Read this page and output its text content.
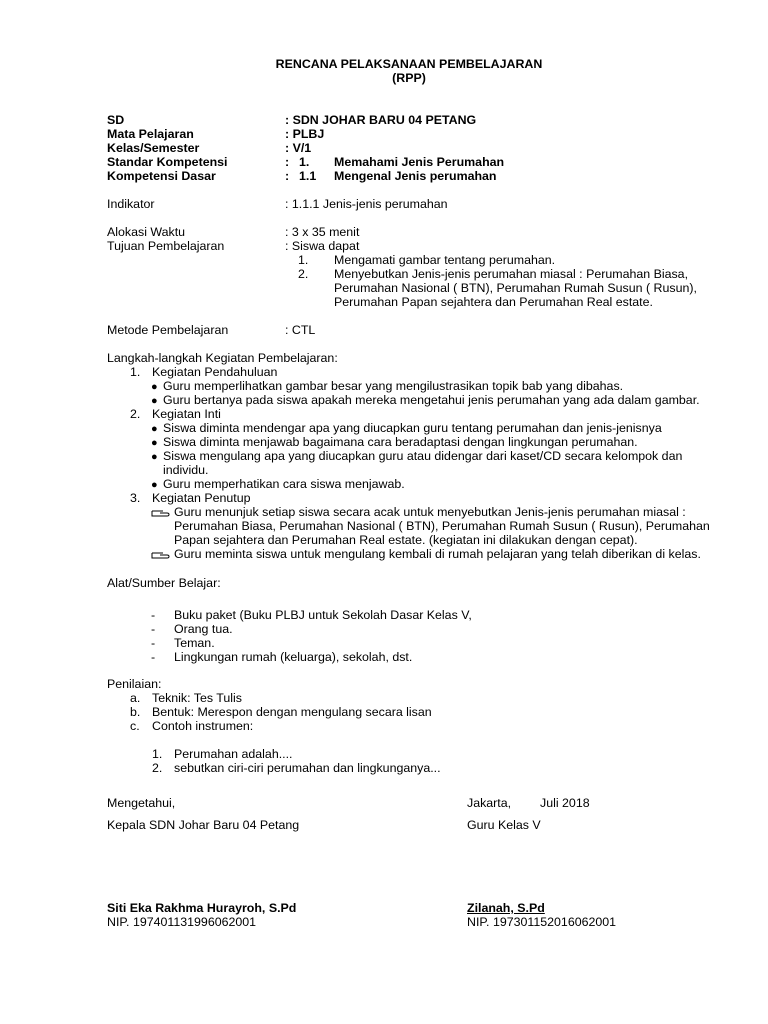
RENCANA PELAKSANAAN PEMBELAJARAN
(RPP)
SD	: SDN JOHAR BARU 04 PETANG
Mata Pelajaran	: PLBJ
Kelas/Semester	: V/1
Standar Kompetensi	: 1. Memahami Jenis Perumahan
Kompetensi Dasar	: 1.1 Mengenal Jenis perumahan
Indikator	: 1.1.1 Jenis-jenis perumahan
Alokasi Waktu	: 3 x 35 menit
Tujuan Pembelajaran	: Siswa dapat
1. Mengamati gambar tentang perumahan.
2. Menyebutkan Jenis-jenis perumahan miasal : Perumahan Biasa,
Perumahan Nasional ( BTN), Perumahan Rumah Susun ( Rusun),
Perumahan Papan sejahtera dan Perumahan Real estate.
Metode Pembelajaran	: CTL
Langkah-langkah Kegiatan Pembelajaran:
1. Kegiatan Pendahuluan
● Guru memperlihatkan gambar besar yang mengilustrasikan topik bab yang dibahas.
● Guru bertanya pada siswa apakah mereka mengetahui jenis perumahan yang ada dalam gambar.
2. Kegiatan Inti
● Siswa diminta mendengar apa yang diucapkan guru tentang perumahan dan jenis-jenisnya
● Siswa diminta menjawab bagaimana cara beradaptasi dengan lingkungan perumahan.
● Siswa mengulang apa yang diucapkan guru atau didengar dari kaset/CD secara kelompok dan
individu.
● Guru memperhatikan cara siswa menjawab.
3. Kegiatan Penutup
Guru menunjuk setiap siswa secara acak untuk menyebutkan Jenis-jenis perumahan miasal :
Perumahan Biasa, Perumahan Nasional ( BTN), Perumahan Rumah Susun ( Rusun), Perumahan
Papan sejahtera dan Perumahan Real estate. (kegiatan ini dilakukan dengan cepat).
Guru meminta siswa untuk mengulang kembali di rumah pelajaran yang telah diberikan di kelas.
Alat/Sumber Belajar:
- Buku paket (Buku PLBJ untuk Sekolah Dasar Kelas V,
- Orang tua.
- Teman.
- Lingkungan rumah (keluarga), sekolah, dst.
Penilaian:
a. Teknik: Tes Tulis
b. Bentuk: Merespon dengan mengulang secara lisan
c. Contoh instrumen:
1. Perumahan adalah....
2. sebutkan ciri-ciri perumahan dan lingkunganya...
Mengetahui,	Jakarta, Juli 2018
Kepala SDN Johar Baru 04 Petang	Guru Kelas V
Siti Eka Rakhma Hurayroh, S.Pd	Zilanah, S.Pd
NIP. 197401131996062001	NIP. 197301152016062001
